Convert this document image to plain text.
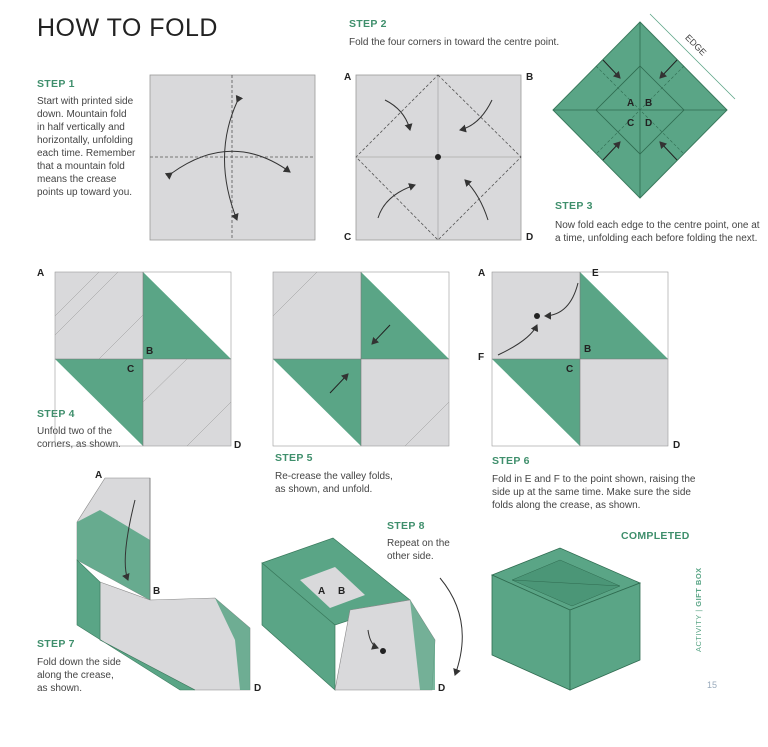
HOW TO FOLD
STEP 1
Start with printed side
down. Mountain fold
in half vertically and
horizontally, unfolding
each time. Remember
that a mountain fold
means the crease
points up toward you.
STEP 2
Fold the four corners in toward the centre point.
STEP 3
Now fold each edge to the centre point, one at
a time, unfolding each before folding the next.
STEP 4
Unfold two of the
corners, as shown.
STEP 5
Re-crease the valley folds,
as shown, and unfold.
STEP 6
Fold in E and F to the point shown, raising the
side up at the same time. Make sure the side
folds along the crease, as shown.
STEP 7
Fold down the side
along the crease,
as shown.
STEP 8
Repeat on the
other side.
COMPLETED
ACTIVITY | GIFT BOX
15
A	B
C	D
A B
C D
EDGE
A
B
C
D
A	E
F
B
C
D
A
B
D
A B
D
